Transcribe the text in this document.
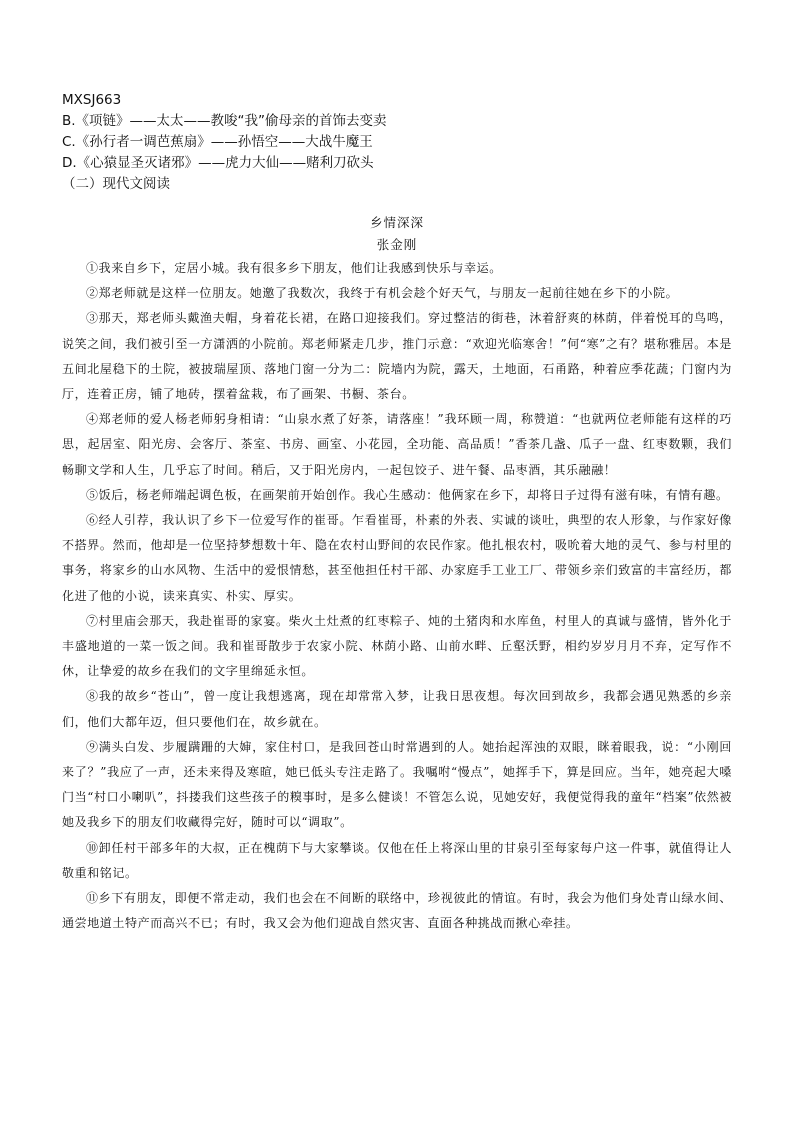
MXSJ663
B.《项链》——太太——教唆“我”偷母亲的首饰去变卖
C.《孙行者一调芭蕉扇》——孙悟空——大战牛魔王
D.《心猿显圣灭诸邪》——虎力大仙——赌利刀砍头
（二）现代文阅读
乡情深深
张金刚

①我来自乡下，定居小城。我有很多乡下朋友，他们让我感到快乐与幸运。

②郑老师就是这样一位朋友。她邀了我数次，我终于有机会趁个好天气，与朋友一起前往她在乡下的小院。

③那天，郑老师头戴渔夫帽，身着花长裙，在路口迎接我们。穿过整洁的街巷，沐着舒爽的林荫，伴着悦耳的鸟鸣，说笑之间，我们被引至一方潇洒的小院前。郑老师紧走几步，推门示意：“欢迎光临寒舍！”何“寒”之有？堪称雅居。本是五间北屋稳下的土院，被披瑞屋顶、落地门窗一分为二：院墙内为院，露天，土地面，石甬路，种着应季花蔬；门窗内为厅，连着正房，铺了地砖，摆着盆栽，布了画架、书橱、茶台。

④郑老师的爱人杨老师躬身相请：“山泉水煮了好茶，请落座！”我环顾一周，称赞道：“也就两位老师能有这样的巧思，起居室、阳光房、会客厅、茶室、书房、画室、小花园，全功能、高品质！”香茶几盏、瓜子一盘、红枣数颗，我们畅聊文学和人生，几乎忘了时间。稍后，又于阳光房内，一起包饺子、进午餐、品枣酒，其乐融融！

⑤饭后，杨老师端起调色板，在画架前开始创作。我心生感动：他俩家在乡下，却将日子过得有滋有味，有情有趣。

⑥经人引荐，我认识了乡下一位爱写作的崔哥。乍看崔哥，朴素的外表、实诚的谈吐，典型的农人形象，与作家好像不搭界。然而，他却是一位坚持梦想数十年、隐在农村山野间的农民作家。他扎根农村，吸吮着大地的灵气、参与村里的事务，将家乡的山水风物、生活中的爱恨情愁，甚至他担任村干部、办家庭手工业工厂、带领乡亲们致富的丰富经历，都化进了他的小说，读来真实、朴实、厚实。

⑦村里庙会那天，我赴崔哥的家宴。柴火土灶煮的红枣粽子、炖的土猪肉和水库鱼，村里人的真诚与盛情，皆外化于丰盛地道的一菜一饭之间。我和崔哥散步于农家小院、林荫小路、山前水畔、丘壑沃野，相约岁岁月月不弃，定写作不休，让挚爱的故乡在我们的文字里绵延永恒。

⑧我的故乡“苍山”，曾一度让我想逃离，现在却常常入梦，让我日思夜想。每次回到故乡，我都会遇见熟悉的乡亲们，他们大都年迈，但只要他们在，故乡就在。

⑨满头白发、步履蹒跚的大婶，家住村口，是我回苍山时常遇到的人。她抬起浑浊的双眼，眯着眼我，说：“小刚回来了？”我应了一声，还未来得及寒暄，她已低头专注走路了。我嘱咐“慢点”，她挥手下，算是回应。当年，她亮起大嗓门当“村口小喇叭”，抖搂我们这些孩子的糗事时，是多么健谈！不管怎么说，见她安好，我便觉得我的童年“档案”依然被她及我乡下的朋友们收藏得完好，随时可以“调取”。

⑩卸任村干部多年的大叔，正在槐荫下与大家攀谈。仅他在任上将深山里的甘泉引至每家每户这一件事，就值得让人敬重和铭记。

⑪乡下有朋友，即便不常走动，我们也会在不间断的联络中，珍视彼此的情谊。有时，我会为他们身处青山绿水间、通尝地道土特产而高兴不已；有时，我又会为他们迎战自然灾害、直面各种挑战而揪心牵挂。
